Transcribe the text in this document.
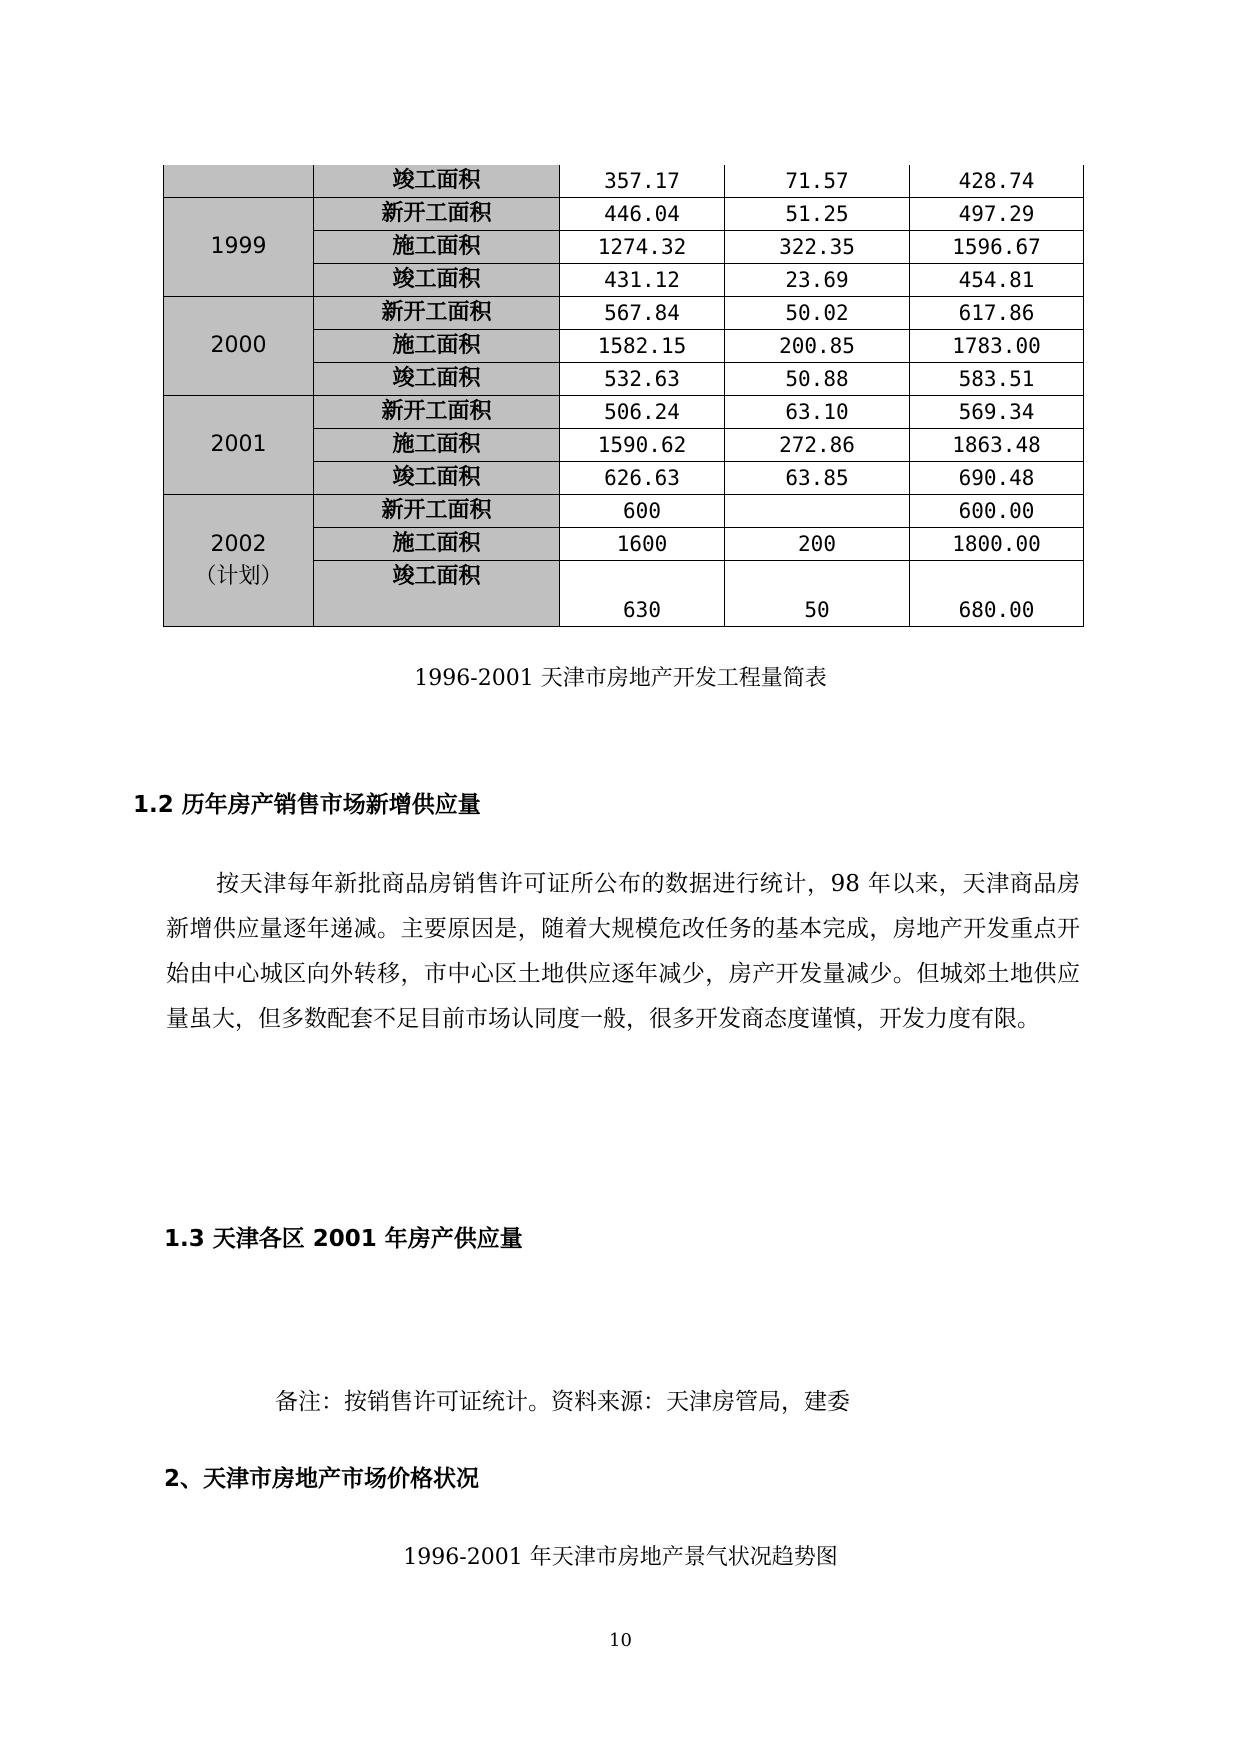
	竣工面积	357.17	71.57	428.74
1999	新开工面积	446.04	51.25	497.29
	施工面积	1274.32	322.35	1596.67
	竣工面积	431.12	23.69	454.81
2000	新开工面积	567.84	50.02	617.86
	施工面积	1582.15	200.85	1783.00
	竣工面积	532.63	50.88	583.51
2001	新开工面积	506.24	63.10	569.34
	施工面积	1590.62	272.86	1863.48
	竣工面积	626.63	63.85	690.48

2002
（计划）	新开工面积	600		600.00
	施工面积	1600	200	1800.00
	竣工面积	630	50	680.00
1996-2001 天津市房地产开发工程量简表
1.2 历年房产销售市场新增供应量

按天津每年新批商品房销售许可证所公布的数据进行统计，98 年以来，天津商品房新增供应量逐年递减。主要原因是，随着大规模危改任务的基本完成，房地产开发重点开始由中心城区向外转移，市中心区土地供应逐年减少，房产开发量减少。但城郊土地供应量虽大，但多数配套不足目前市场认同度一般，很多开发商态度谨慎，开发力度有限。

1.3 天津各区 2001 年房产供应量
备注：按销售许可证统计。资料来源：天津房管局，建委
2、天津市房地产市场价格状况
1996-2001 年天津市房地产景气状况趋势图
10
